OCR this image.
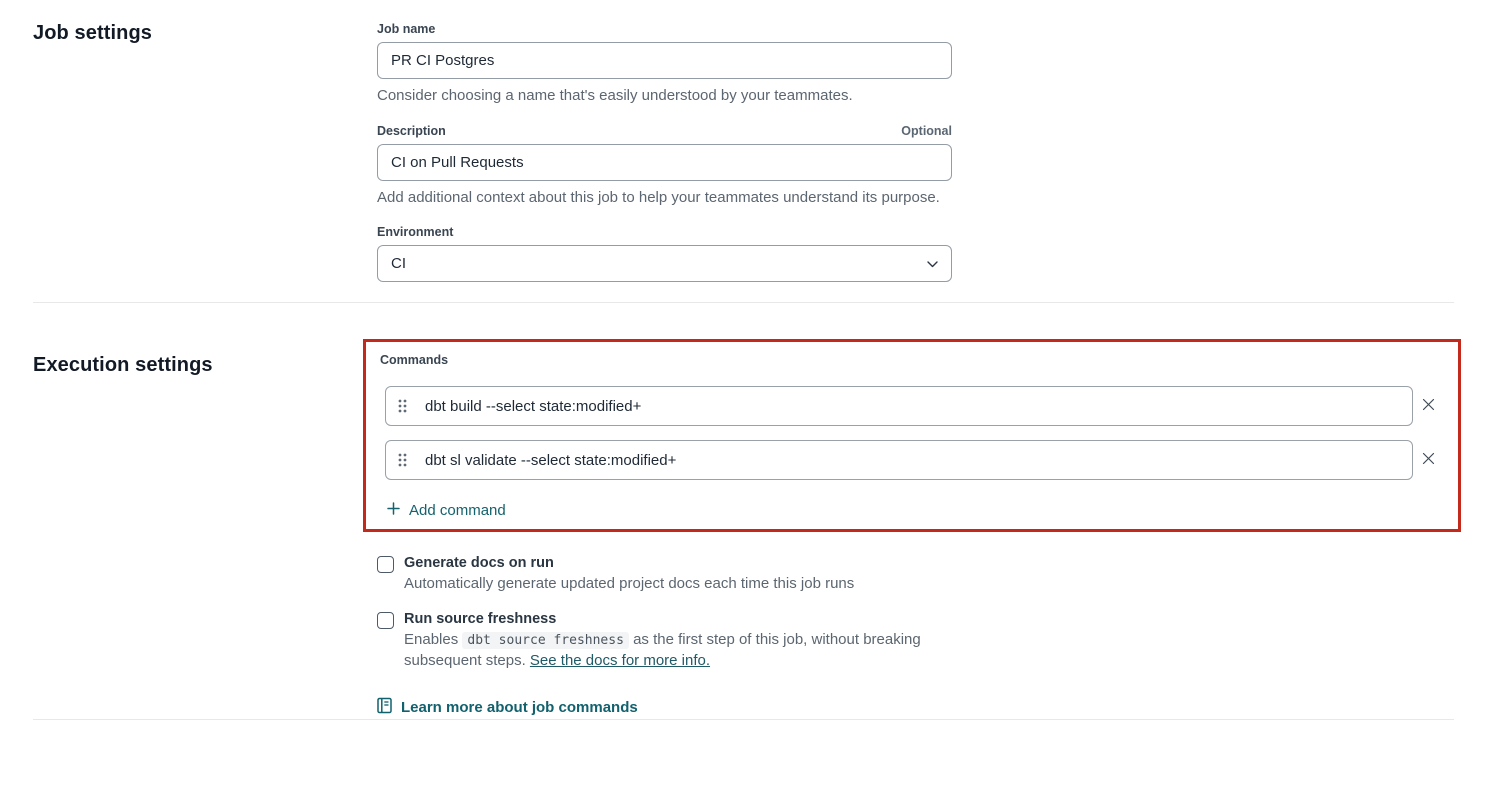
Job settings	Job name
PR CI Postgres

Consider choosing a name that's easily understood by your teammates.

Description	Optional
CI on Pull Requests

Add additional context about this job to help your teammates understand its purpose.

Environment
CI
Execution settings	Commands
dbt build --select state:modified+
dbt sl validate --select state:modified+
Add command
Generate docs on run
Automatically generate updated project docs each time this job runs
Run source freshness
Enables dbt source freshness as the first step of this job, without breaking subsequent steps. See the docs for more info.
Learn more about job commands
